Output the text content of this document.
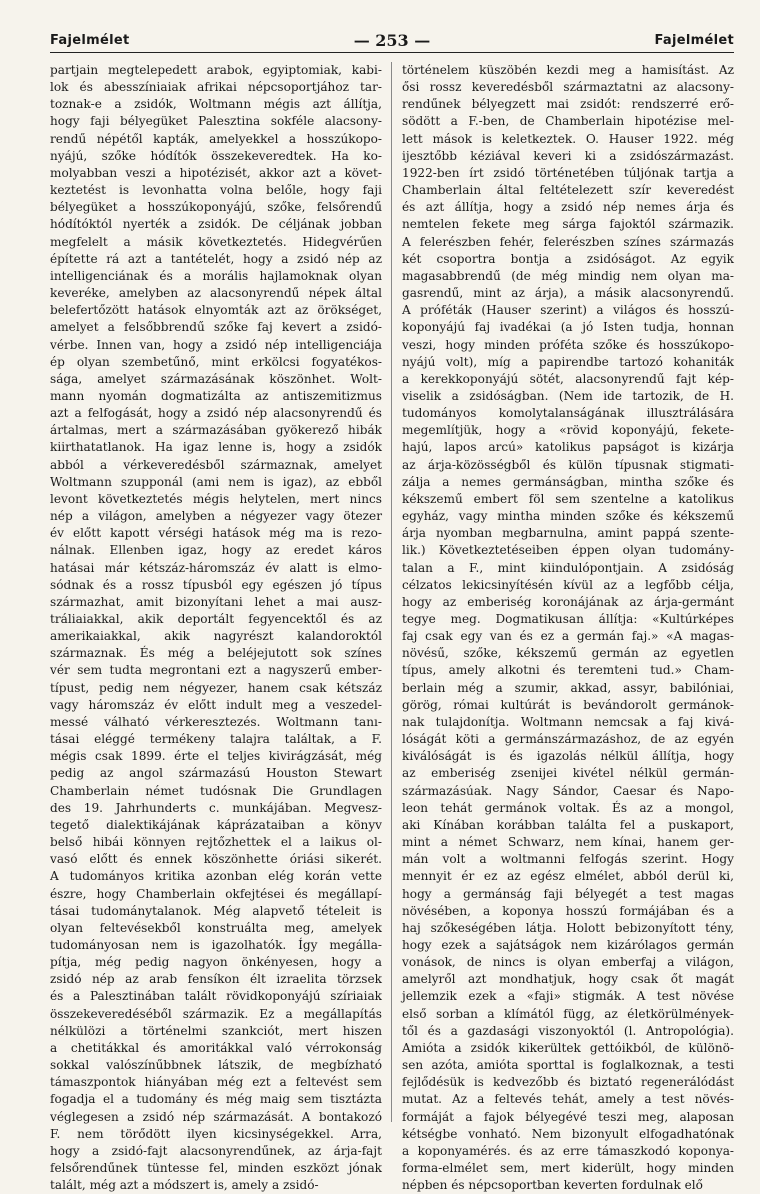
Fajelmélet	— 253 —	Fajelmélet
partjain megtelepedett arabok, egyiptomiak, kabi-
lok és abesszíniaiak afrikai népcsoportjához tar-
toznak-e a zsidók, Woltmann mégis azt állítja,
hogy faji bélyegüket Palesztina sokféle alacsony-
rendű népétől kapták, amelyekkel a hosszúkopo-
nyájú, szőke hódítók összekeveredtek. Ha ko-
molyabban veszi a hipotézisét, akkor azt a követ-
keztetést is levonhatta volna belőle, hogy faji
bélyegüket a hosszúkoponyájú, szőke, felsőrendű
hódítóktól nyerték a zsidók. De céljának jobban
megfelelt a másik következtetés. Hidegvérűen
építette rá azt a tantételét, hogy a zsidó nép az
intelligenciának és a morális hajlamoknak olyan
keveréke, amelyben az alacsonyrendű népek által
belefertőzött hatások elnyomták azt az örökséget,
amelyet a felsőbbrendű szőke faj kevert a zsidó-
vérbe. Innen van, hogy a zsidó nép intelligenciája
ép olyan szembetűnő, mint erkölcsi fogyatékos-
sága, amelyet származásának köszönhet. Wolt-
mann nyomán dogmatizálta az antiszemitizmus
azt a felfogását, hogy a zsidó nép alacsonyrendű és
ártalmas, mert a származásában gyökerező hibák
kiirthatatlanok. Ha igaz lenne is, hogy a zsidók
abból a vérkeveredésből származnak, amelyet
Woltmann szupponál (ami nem is igaz), az ebből
levont következtetés mégis helytelen, mert nincs
nép a világon, amelyben a négyezer vagy ötezer
év előtt kapott vérségi hatások még ma is rezo-
nálnak. Ellenben igaz, hogy az eredet káros
hatásai már kétszáz-háromszáz év alatt is elmo-
sódnak és a rossz típusból egy egészen jó típus
származhat, amit bizonyítani lehet a mai ausz-
tráliaiakkal, akik deportált fegyencektől és az
amerikaiakkal, akik nagyrészt kalandoroktól
származnak. És még a beléjejutott sok színes
vér sem tudta megrontani ezt a nagyszerű ember-
típust, pedig nem négyezer, hanem csak kétszáz
vagy háromszáz év előtt indult meg a veszedel-
messé válható vérkeresztezés. Woltmann tanı-
tásai eléggé termékeny talajra találtak, a F.
mégis csak 1899. érte el teljes kivirágzását, még
pedig az angol származású Houston Stewart
Chamberlain német tudósnak Die Grundlagen
des 19. Jahrhunderts c. munkájában. Megvesz-
tegető dialektikájának káprázataiban a könyv
belső hibái könnyen rejtőzhettek el a laikus ol-
vasó előtt és ennek köszönhette óriási sikerét.
A tudományos kritika azonban elég korán vette
észre, hogy Chamberlain okfejtései és megállapí-
tásai tudománytalanok. Még alapvető tételeit is
olyan feltevésekből konstruálta meg, amelyek
tudományosan nem is igazolhatók. Így megálla-
pítja, még pedig nagyon önkényesen, hogy a
zsidó nép az arab fensíkon élt izraelita törzsek
és a Palesztinában talált rövidkoponyájú szíriaiak
összekeveredéséből származik. Ez a megállapítás
nélkülözi a történelmi szankciót, mert hiszen
a chetitákkal és amoritákkal való vérrokonság
sokkal valószínűbbnek látszik, de megbízható
támaszpontok hiányában még ezt a feltevést sem
fogadja el a tudomány és még maig sem tisztázta
véglegesen a zsidó nép származását. A bontakozó
F. nem törődött ilyen kicsinységekkel. Arra,
hogy a zsidó-fajt alacsonyrendűnek, az árja-fajt
felsőrendűnek tüntesse fel, minden eszközt jónak
talált, még azt a módszert is, amely a zsidó-
történelem küszöbén kezdi meg a hamisítást. Az
ősi rossz keveredésből származtatni az alacsony-
rendűnek bélyegzett mai zsidót: rendszerré erő-
södött a F.-ben, de Chamberlain hipotézise mel-
lett mások is keletkeztek. O. Hauser 1922. még
ijesztőbb kéziával keveri ki a zsidószármazást.
1922-ben írt zsidó történetében túljónak tartja a
Chamberlain által feltételezett szír keveredést
és azt állítja, hogy a zsidó nép nemes árja és
nemtelen fekete meg sárga fajoktól származik.
A felerészben fehér, felerészben színes származás
két csoportra bontja a zsidóságot. Az egyik
magasabbrendű (de még mindig nem olyan ma-
gasrendű, mint az árja), a másik alacsonyrendű.
A próféták (Hauser szerint) a világos és hosszú-
koponyájú faj ivadékai (a jó Isten tudja, honnan
veszi, hogy minden próféta szőke és hosszúkopo-
nyájú volt), míg a papirendbe tartozó kohaniták
a kerekkoponyájú sötét, alacsonyrendű fajt kép-
viselik a zsidóságban. (Nem ide tartozik, de H.
tudományos komolytalanságának illusztrálására
megemlítjük, hogy a «rövid koponyájú, fekete-
hajú, lapos arcú» katolikus papságot is kizárja
az árja-közösségből és külön típusnak stigmati-
zálja a nemes germánságban, mintha szőke és
kékszemű embert föl sem szentelne a katolikus
egyház, vagy mintha minden szőke és kékszemű
árja nyomban megbarnulna, amint pappá szente-
lik.) Következtetéseiben éppen olyan tudomány-
talan a F., mint kiindulópontjain. A zsidóság
célzatos lekicsinyítésén kívül az a legfőbb célja,
hogy az emberiség koronájának az árja-germánt
tegye meg. Dogmatikusan állítja: «Kultúrképes
faj csak egy van és ez a germán faj.» «A magas-
növésű, szőke, kékszemű germán az egyetlen
típus, amely alkotni és teremteni tud.» Cham-
berlain még a szumir, akkad, assyr, babilóniai,
görög, római kultúrát is bevándorolt germánok-
nak tulajdonítja. Woltmann nemcsak a faj kivá-
lóságát köti a germánszármazáshoz, de az egyén
kiválóságát is és igazolás nélkül állítja, hogy
az emberiség zsenijei kivétel nélkül germán-
származásúak. Nagy Sándor, Caesar és Napo-
leon tehát germánok voltak. És az a mongol,
aki Kínában korábban találta fel a puskaport,
mint a német Schwarz, nem kínai, hanem ger-
mán volt a woltmanni felfogás szerint. Hogy
mennyit ér ez az egész elmélet, abból derül ki,
hogy a germánság faji bélyegét a test magas
növésében, a koponya hosszú formájában és a
haj szőkeségében látja. Holott bebizonyított tény,
hogy ezek a sajátságok nem kizárólagos germán
vonások, de nincs is olyan emberfaj a világon,
amelyről azt mondhatjuk, hogy csak őt magát
jellemzik ezek a «faji» stigmák. A test növése
első sorban a klímától függ, az életkörülmények-
től és a gazdasági viszonyoktól (l. Antropológia).
Amióta a zsidók kikerültek gettóikból, de különö-
sen azóta, amióta sporttal is foglalkoznak, a testi
fejlődésük is kedvezőbb és biztató regenerálódást
mutat. Az a feltevés tehát, amely a test növés-
formáját a fajok bélyegévé teszi meg, alaposan
kétségbe vonható. Nem bizonyult elfogadhatónak
a koponyamérés. és az erre támaszkodó koponya-
forma-elmélet sem, mert kiderült, hogy minden
népben és népcsoportban keverten fordulnak elő
